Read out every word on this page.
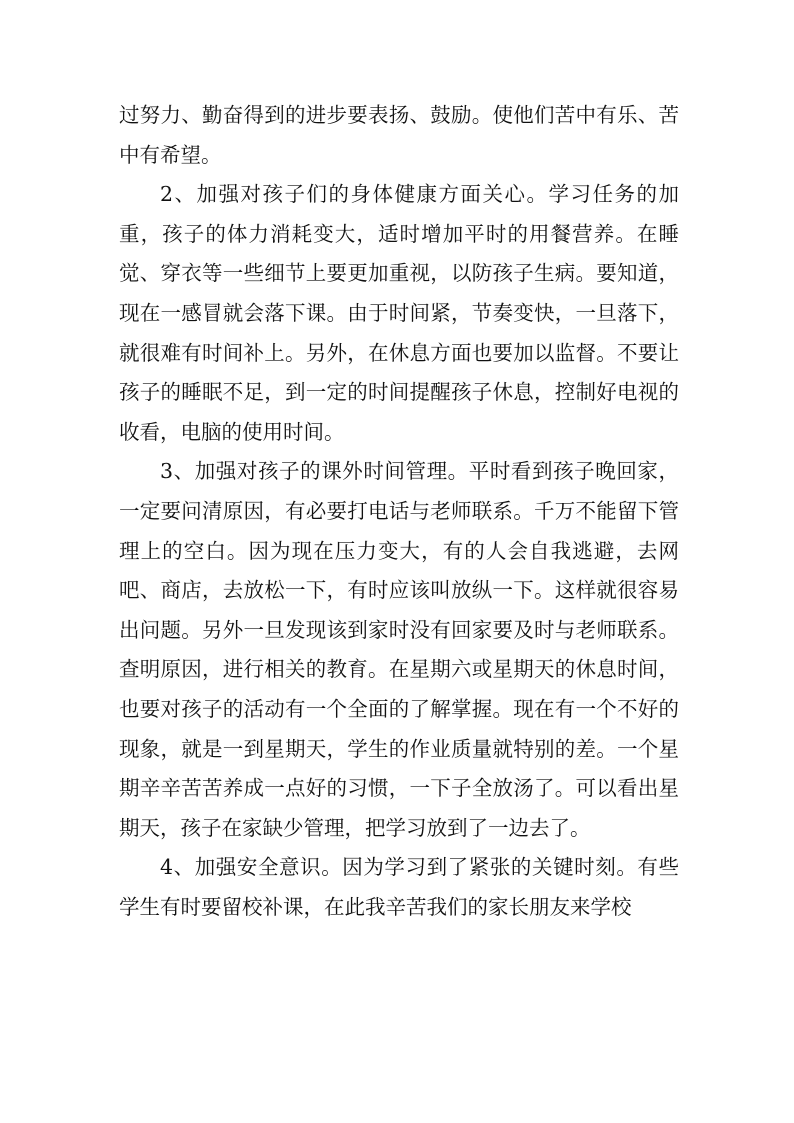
过努力、勤奋得到的进步要表扬、鼓励。使他们苦中有乐、苦中有希望。

2、加强对孩子们的身体健康方面关心。学习任务的加重，孩子的体力消耗变大，适时增加平时的用餐营养。在睡觉、穿衣等一些细节上要更加重视，以防孩子生病。要知道，现在一感冒就会落下课。由于时间紧，节奏变快，一旦落下，就很难有时间补上。另外，在休息方面也要加以监督。不要让孩子的睡眠不足，到一定的时间提醒孩子休息，控制好电视的收看，电脑的使用时间。

3、加强对孩子的课外时间管理。平时看到孩子晚回家，一定要问清原因，有必要打电话与老师联系。千万不能留下管理上的空白。因为现在压力变大，有的人会自我逃避，去网吧、商店，去放松一下，有时应该叫放纵一下。这样就很容易出问题。另外一旦发现该到家时没有回家要及时与老师联系。查明原因，进行相关的教育。在星期六或星期天的休息时间，也要对孩子的活动有一个全面的了解掌握。现在有一个不好的现象，就是一到星期天，学生的作业质量就特别的差。一个星期辛辛苦苦养成一点好的习惯，一下子全放汤了。可以看出星期天，孩子在家缺少管理，把学习放到了一边去了。

4、加强安全意识。因为学习到了紧张的关键时刻。有些学生有时要留校补课，在此我辛苦我们的家长朋友来学校
